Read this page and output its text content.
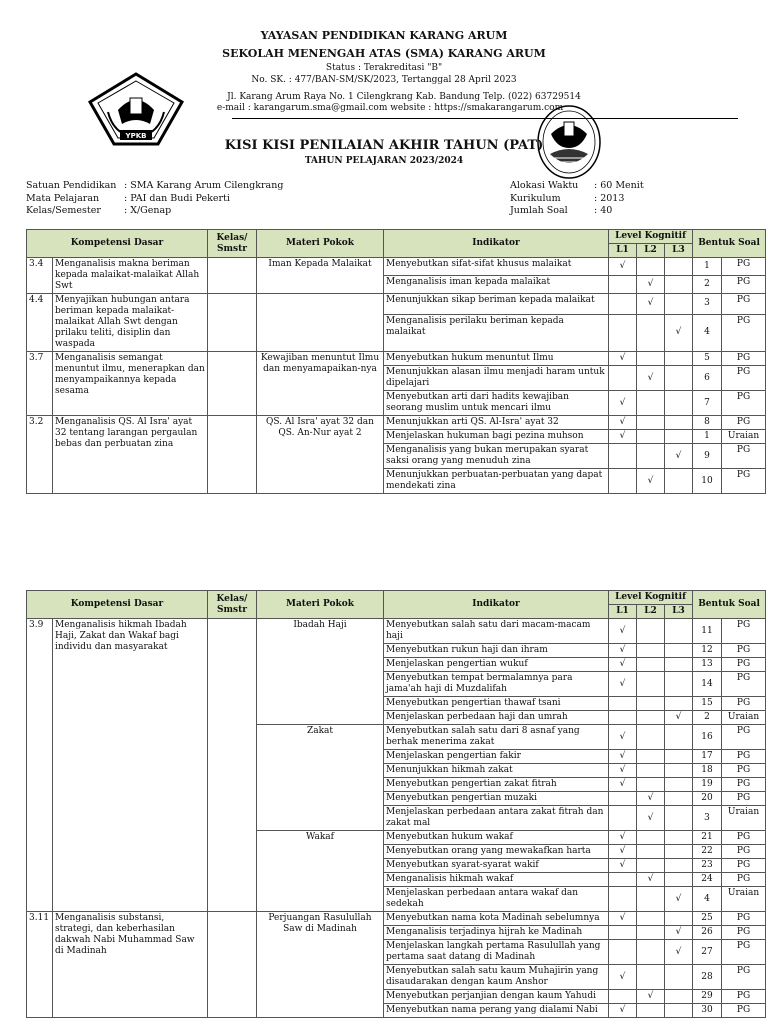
YPKB
YAYASAN PENDIDIKAN KARANG ARUM
SEKOLAH MENENGAH ATAS (SMA) KARANG ARUM
Status : Terakreditasi "B"
No. SK. : 477/BAN-SM/SK/2023, Tertanggal 28 April 2023
Jl. Karang Arum Raya No. 1 Cilengkrang Kab. Bandung Telp. (022) 63729514
e-mail : karangarum.sma@gmail.com website : https://smakarangarum.com
KISI KISI PENILAIAN AKHIR TAHUN (PAT)
TAHUN PELAJARAN 2023/2024
Satuan Pendidikan : SMA Karang Arum Cilengkrang
Mata Pelajaran	: PAI dan Budi Pekerti
Kelas/Semester : X/Genap
Alokasi Waktu : 60 Menit
Kurikulum	: 2013
Jumlah Soal	: 40
Kompetensi Dasar		Kelas/ Smstr	Materi Pokok	Indikator	Level Kognitif			Bentuk Soal	
					L1	L2	L3		
3.4	Menganalisis makna beriman kepada malaikat-malaikat Allah Swt		Iman Kepada Malaikat	Menyebutkan sifat-sifat khusus malaikat	√			1	PG
				Menganalisis iman kepada malaikat		√		2	PG
4.4	Menyajikan hubungan antara beriman kepada malaikat-malaikat Allah Swt dengan prilaku teliti, disiplin dan waspada			Menunjukkan sikap beriman kepada malaikat		√		3	PG
				Menganalisis perilaku beriman kepada malaikat			√	4	PG
3.7	Menganalisis semangat menuntut ilmu, menerapkan dan menyampaikannya kepada sesama		Kewajiban menuntut Ilmu dan menyamapaikan-nya	Menyebutkan hukum menuntut Ilmu	√			5	PG
				Menunjukkan alasan ilmu menjadi haram untuk dipelajari		√		6	PG
				Menyebutkan arti dari hadits kewajiban seorang muslim untuk mencari ilmu	√			7	PG
3.2	Menganalisis QS. Al Isra' ayat 32 tentang larangan pergaulan bebas dan perbuatan zina		QS. Al Isra' ayat 32 dan QS. An-Nur ayat 2	Menunjukkan arti QS. Al-Isra' ayat 32	√			8	PG
				Menjelaskan hukuman bagi pezina muhson	√			1	Uraian
				Menganalisis yang bukan merupakan syarat saksi orang yang menuduh zina			√	9	PG
				Menunjukkan perbuatan-perbuatan yang dapat mendekati zina		√		10	PG
Kompetensi Dasar		Kelas/ Smstr	Materi Pokok	Indikator	Level Kognitif			Bentuk Soal	
					L1	L2	L3		
3.9	Menganalisis hikmah Ibadah Haji, Zakat dan Wakaf bagi individu dan masyarakat		Ibadah Haji	Menyebutkan salah satu dari macam-macam haji	√			11	PG
				Menyebutkan rukun haji dan ihram	√			12	PG
				Menjelaskan pengertian wukuf	√			13	PG
				Menyebutkan tempat bermalamnya para jama'ah haji di Muzdalifah	√			14	PG
				Menyebutkan pengertian thawaf tsani				15	PG
				Menjelaskan perbedaan haji dan umrah			√	2	Uraian
			Zakat	Menyebutkan salah satu dari 8 asnaf yang berhak menerima zakat	√			16	PG
				Menjelaskan pengertian fakir	√			17	PG
				Menunjukkan hikmah zakat	√			18	PG
				Menyebutkan pengertian zakat fitrah	√			19	PG
				Menyebutkan pengertian muzaki		√		20	PG
				Menjelaskan perbedaan antara zakat fitrah dan zakat mal		√		3	Uraian
			Wakaf	Menyebutkan hukum wakaf	√			21	PG
				Menyebutkan orang yang mewakafkan harta	√			22	PG
				Menyebutkan syarat-syarat wakif	√			23	PG
				Menganalisis hikmah wakaf		√		24	PG
				Menjelaskan perbedaan antara wakaf dan sedekah			√	4	Uraian
3.11	Menganalisis substansi, strategi, dan keberhasilan dakwah Nabi Muhammad Saw di Madinah		Perjuangan Rasulullah Saw di Madinah	Menyebutkan nama kota Madinah sebelumnya	√			25	PG
				Menganalisis terjadinya hijrah ke Madinah			√	26	PG
				Menjelaskan langkah pertama Rasulullah yang pertama saat datang di Madinah			√	27	PG
				Menyebutkan salah satu kaum Muhajirin yang disaudarakan dengan kaum Anshor	√			28	PG
				Menyebutkan perjanjian dengan kaum Yahudi		√		29	PG
				Menyebutkan nama perang yang dialami Nabi	√			30	PG
